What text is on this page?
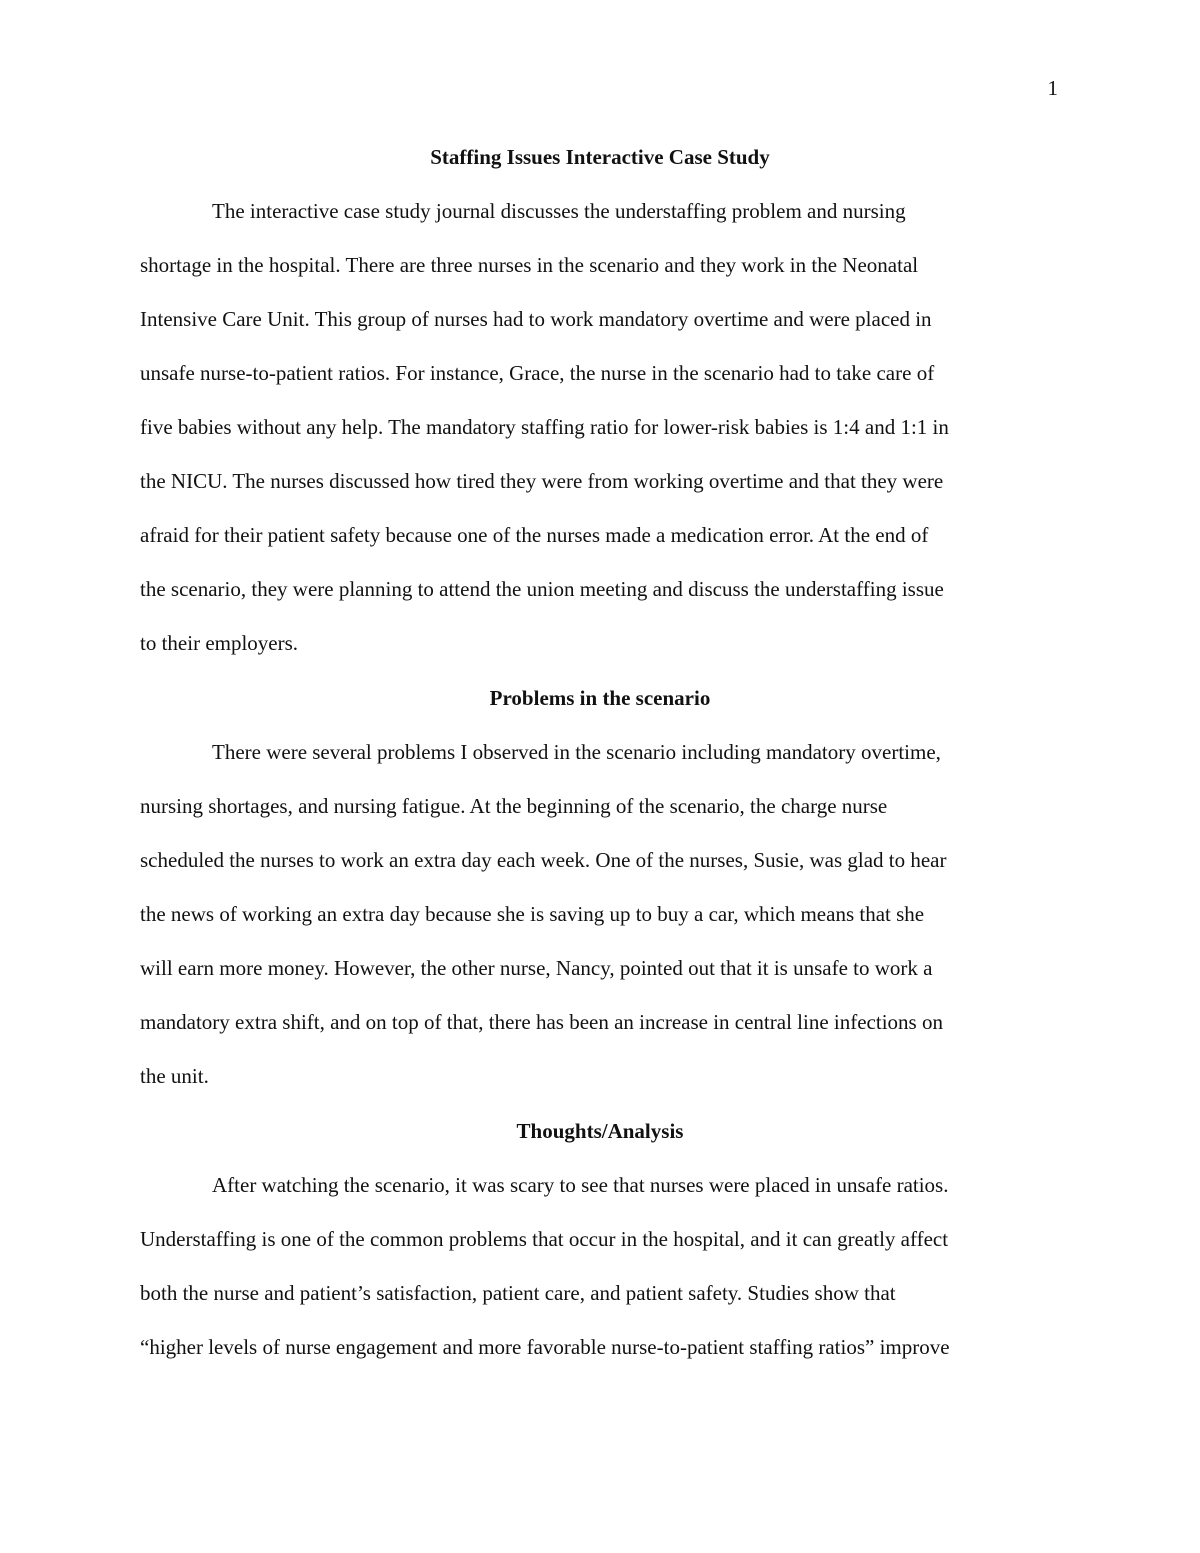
1
Staffing Issues Interactive Case Study
The interactive case study journal discusses the understaffing problem and nursing
shortage in the hospital. There are three nurses in the scenario and they work in the Neonatal
Intensive Care Unit. This group of nurses had to work mandatory overtime and were placed in
unsafe nurse-to-patient ratios. For instance, Grace, the nurse in the scenario had to take care of
five babies without any help. The mandatory staffing ratio for lower-risk babies is 1:4 and 1:1 in
the NICU. The nurses discussed how tired they were from working overtime and that they were
afraid for their patient safety because one of the nurses made a medication error. At the end of
the scenario, they were planning to attend the union meeting and discuss the understaffing issue
to their employers.
Problems in the scenario
There were several problems I observed in the scenario including mandatory overtime,
nursing shortages, and nursing fatigue. At the beginning of the scenario, the charge nurse
scheduled the nurses to work an extra day each week. One of the nurses, Susie, was glad to hear
the news of working an extra day because she is saving up to buy a car, which means that she
will earn more money. However, the other nurse, Nancy, pointed out that it is unsafe to work a
mandatory extra shift, and on top of that, there has been an increase in central line infections on
the unit.
Thoughts/Analysis
After watching the scenario, it was scary to see that nurses were placed in unsafe ratios.
Understaffing is one of the common problems that occur in the hospital, and it can greatly affect
both the nurse and patient’s satisfaction, patient care, and patient safety. Studies show that
“higher levels of nurse engagement and more favorable nurse-to-patient staffing ratios” improve
